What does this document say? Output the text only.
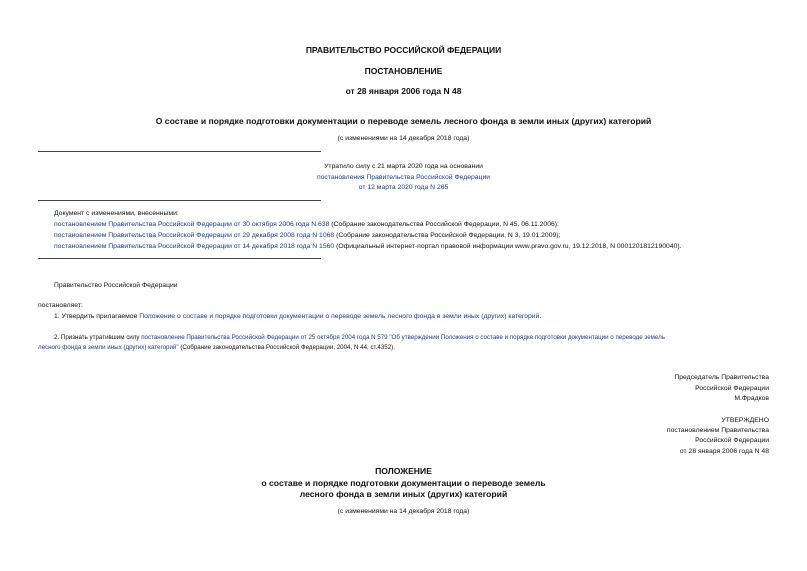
ПРАВИТЕЛЬСТВО РОССИЙСКОЙ ФЕДЕРАЦИИ
ПОСТАНОВЛЕНИЕ
от 28 января 2006 года N 48
О составе и порядке подготовки документации о переводе земель лесного фонда в земли иных (других) категорий
(с изменениями на 14 декабря 2018 года)
Утратило силу с 21 марта 2020 года на основании
постановления Правительства Российской Федерации
от 12 марта 2020 года N 265
Документ с изменениями, внесенными:
постановлением Правительства Российской Федерации от 30 октября 2006 года N 638 (Собрание законодательства Российской Федерации, N 45, 06.11.2006);
постановлением Правительства Российской Федерации от 29 декабря 2008 года N 1068 (Собрание законодательства Российской Федерации, N 3, 19.01.2009);
постановлением Правительства Российской Федерации от 14 декабря 2018 года N 1560 (Официальный интернет-портал правовой информации www.pravo.gov.ru, 19.12.2018, N 0001201812190040).
Правительство Российской Федерации
постановляет:
1. Утвердить прилагаемое Положение о составе и порядке подготовки документации о переводе земель лесного фонда в земли иных (других) категорий.
2. Признать утратившим силу постановление Правительства Российской Федерации от 25 октября 2004 года N 579 "Об утверждении Положения о составе и порядке подготовки документации о переводе земель
лесного фонда в земли иных (других) категорий" (Собрание законодательства Российской Федерации, 2004, N 44, ст.4352).
Председатель Правительства
Российской Федерации
М.Фрадков
УТВЕРЖДЕНО
постановлением Правительства
Российской Федерации
от 28 января 2006 года N 48
ПОЛОЖЕНИЕ
о составе и порядке подготовки документации о переводе земель
лесного фонда в земли иных (других) категорий
(с изменениями на 14 декабря 2018 года)
